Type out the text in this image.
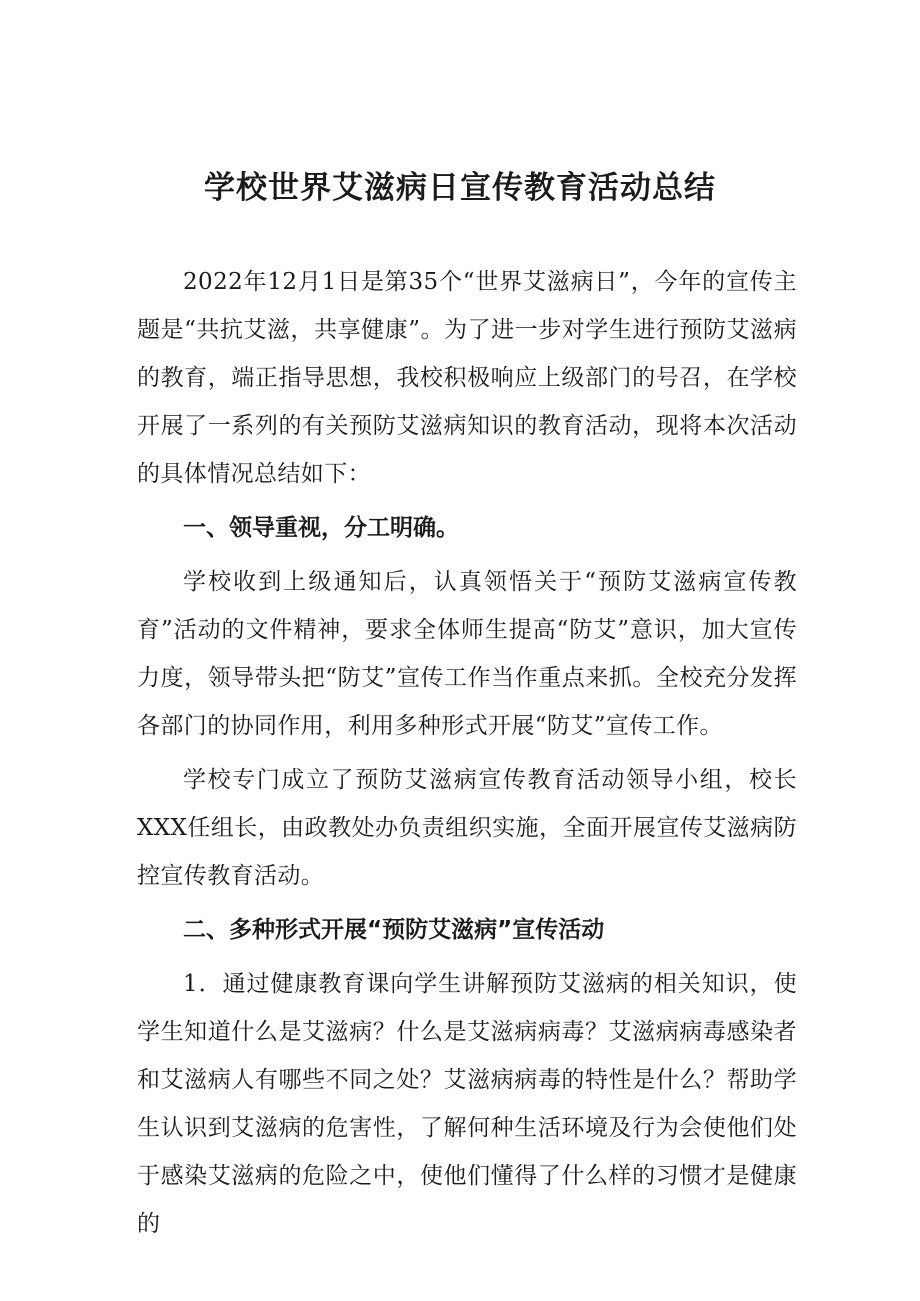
学校世界艾滋病日宣传教育活动总结

2022年12月1日是第35个“世界艾滋病日”，今年的宣传主题是“共抗艾滋，共享健康”。为了进一步对学生进行预防艾滋病的教育，端正指导思想，我校积极响应上级部门的号召，在学校开展了一系列的有关预防艾滋病知识的教育活动，现将本次活动的具体情况总结如下：

一、领导重视，分工明确。

学校收到上级通知后，认真领悟关于“预防艾滋病宣传教育”活动的文件精神，要求全体师生提高“防艾”意识，加大宣传力度，领导带头把“防艾”宣传工作当作重点来抓。全校充分发挥各部门的协同作用，利用多种形式开展“防艾”宣传工作。

学校专门成立了预防艾滋病宣传教育活动领导小组，校长XXX任组长，由政教处办负责组织实施，全面开展宣传艾滋病防控宣传教育活动。

二、多种形式开展“预防艾滋病”宣传活动

1．通过健康教育课向学生讲解预防艾滋病的相关知识，使学生知道什么是艾滋病？什么是艾滋病病毒？艾滋病病毒感染者和艾滋病人有哪些不同之处？艾滋病病毒的特性是什么？帮助学生认识到艾滋病的危害性，了解何种生活环境及行为会使他们处于感染艾滋病的危险之中，使他们懂得了什么样的习惯才是健康的
